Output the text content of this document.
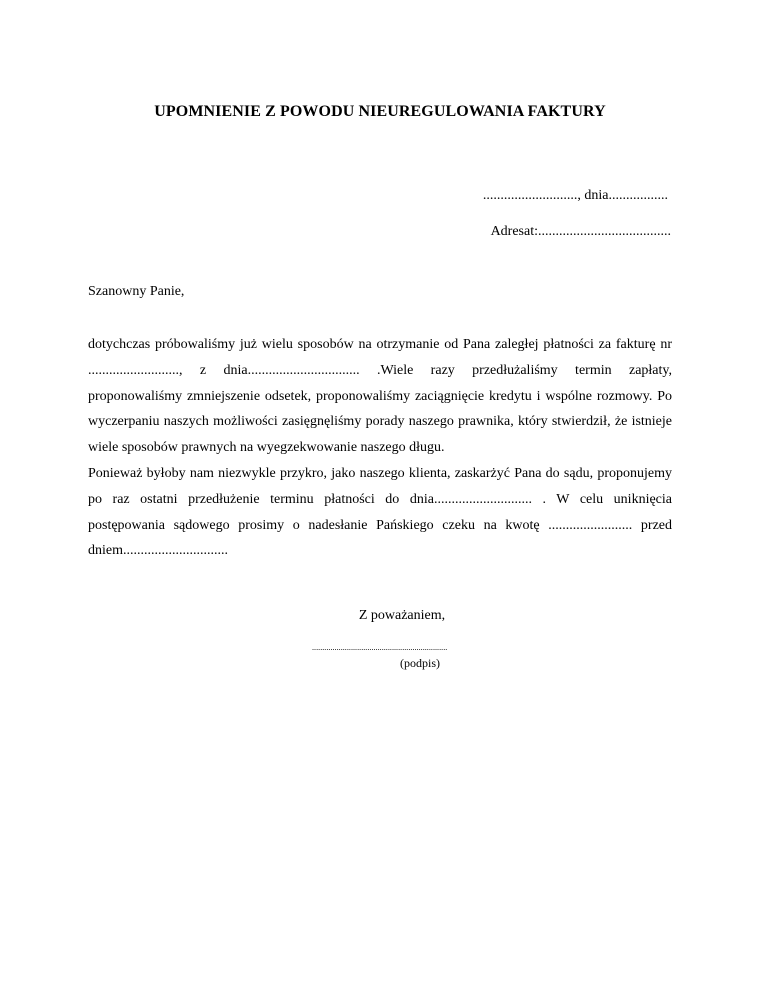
UPOMNIENIE Z POWODU NIEUREGULOWANIA FAKTURY
..........................., dnia.................
Adresat:......................................
Szanowny Panie,

dotychczas próbowaliśmy już wielu sposobów na otrzymanie od Pana zaległej płatności za fakturę nr .........................., z dnia................................ .Wiele razy przedłużaliśmy termin zapłaty, proponowaliśmy zmniejszenie odsetek, proponowaliśmy zaciągnięcie kredytu i wspólne rozmowy. Po wyczerpaniu naszych możliwości zasięgnęliśmy porady naszego prawnika, który stwierdził, że istnieje wiele sposobów prawnych na wyegzekwowanie naszego długu.

Ponieważ byłoby nam niezwykle przykro, jako naszego klienta, zaskarżyć Pana do sądu, proponujemy po raz ostatni przedłużenie terminu płatności do dnia............................ . W celu uniknięcia postępowania sądowego prosimy o nadesłanie Pańskiego czeku na kwotę ........................ przed dniem..............................

Z poważaniem,
..................................................................
(podpis)
